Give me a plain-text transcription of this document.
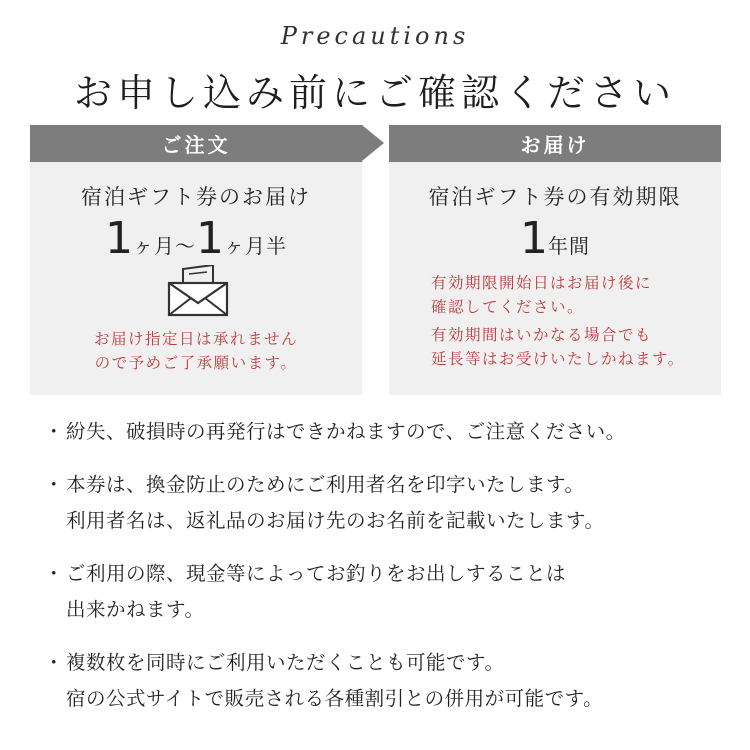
Precautions
お申し込み前にご確認ください
ご注文
宿泊ギフト券のお届け
1ヶ月〜1ヶ月半
お届け指定日は承れません
ので予めご了承願います。
お届け
宿泊ギフト券の有効期限
1年間
有効期限開始日はお届け後に
確認してください。
有効期間はいかなる場合でも
延長等はお受けいたしかねます。
・ 紛失、破損時の再発行はできかねますので、ご注意ください。
・ 本券は、換金防止のためにご利用者名を印字いたします。
利用者名は、返礼品のお届け先のお名前を記載いたします。
・ ご利用の際、現金等によってお釣りをお出しすることは
出来かねます。
・ 複数枚を同時にご利用いただくことも可能です。
宿の公式サイトで販売される各種割引との併用が可能です。
